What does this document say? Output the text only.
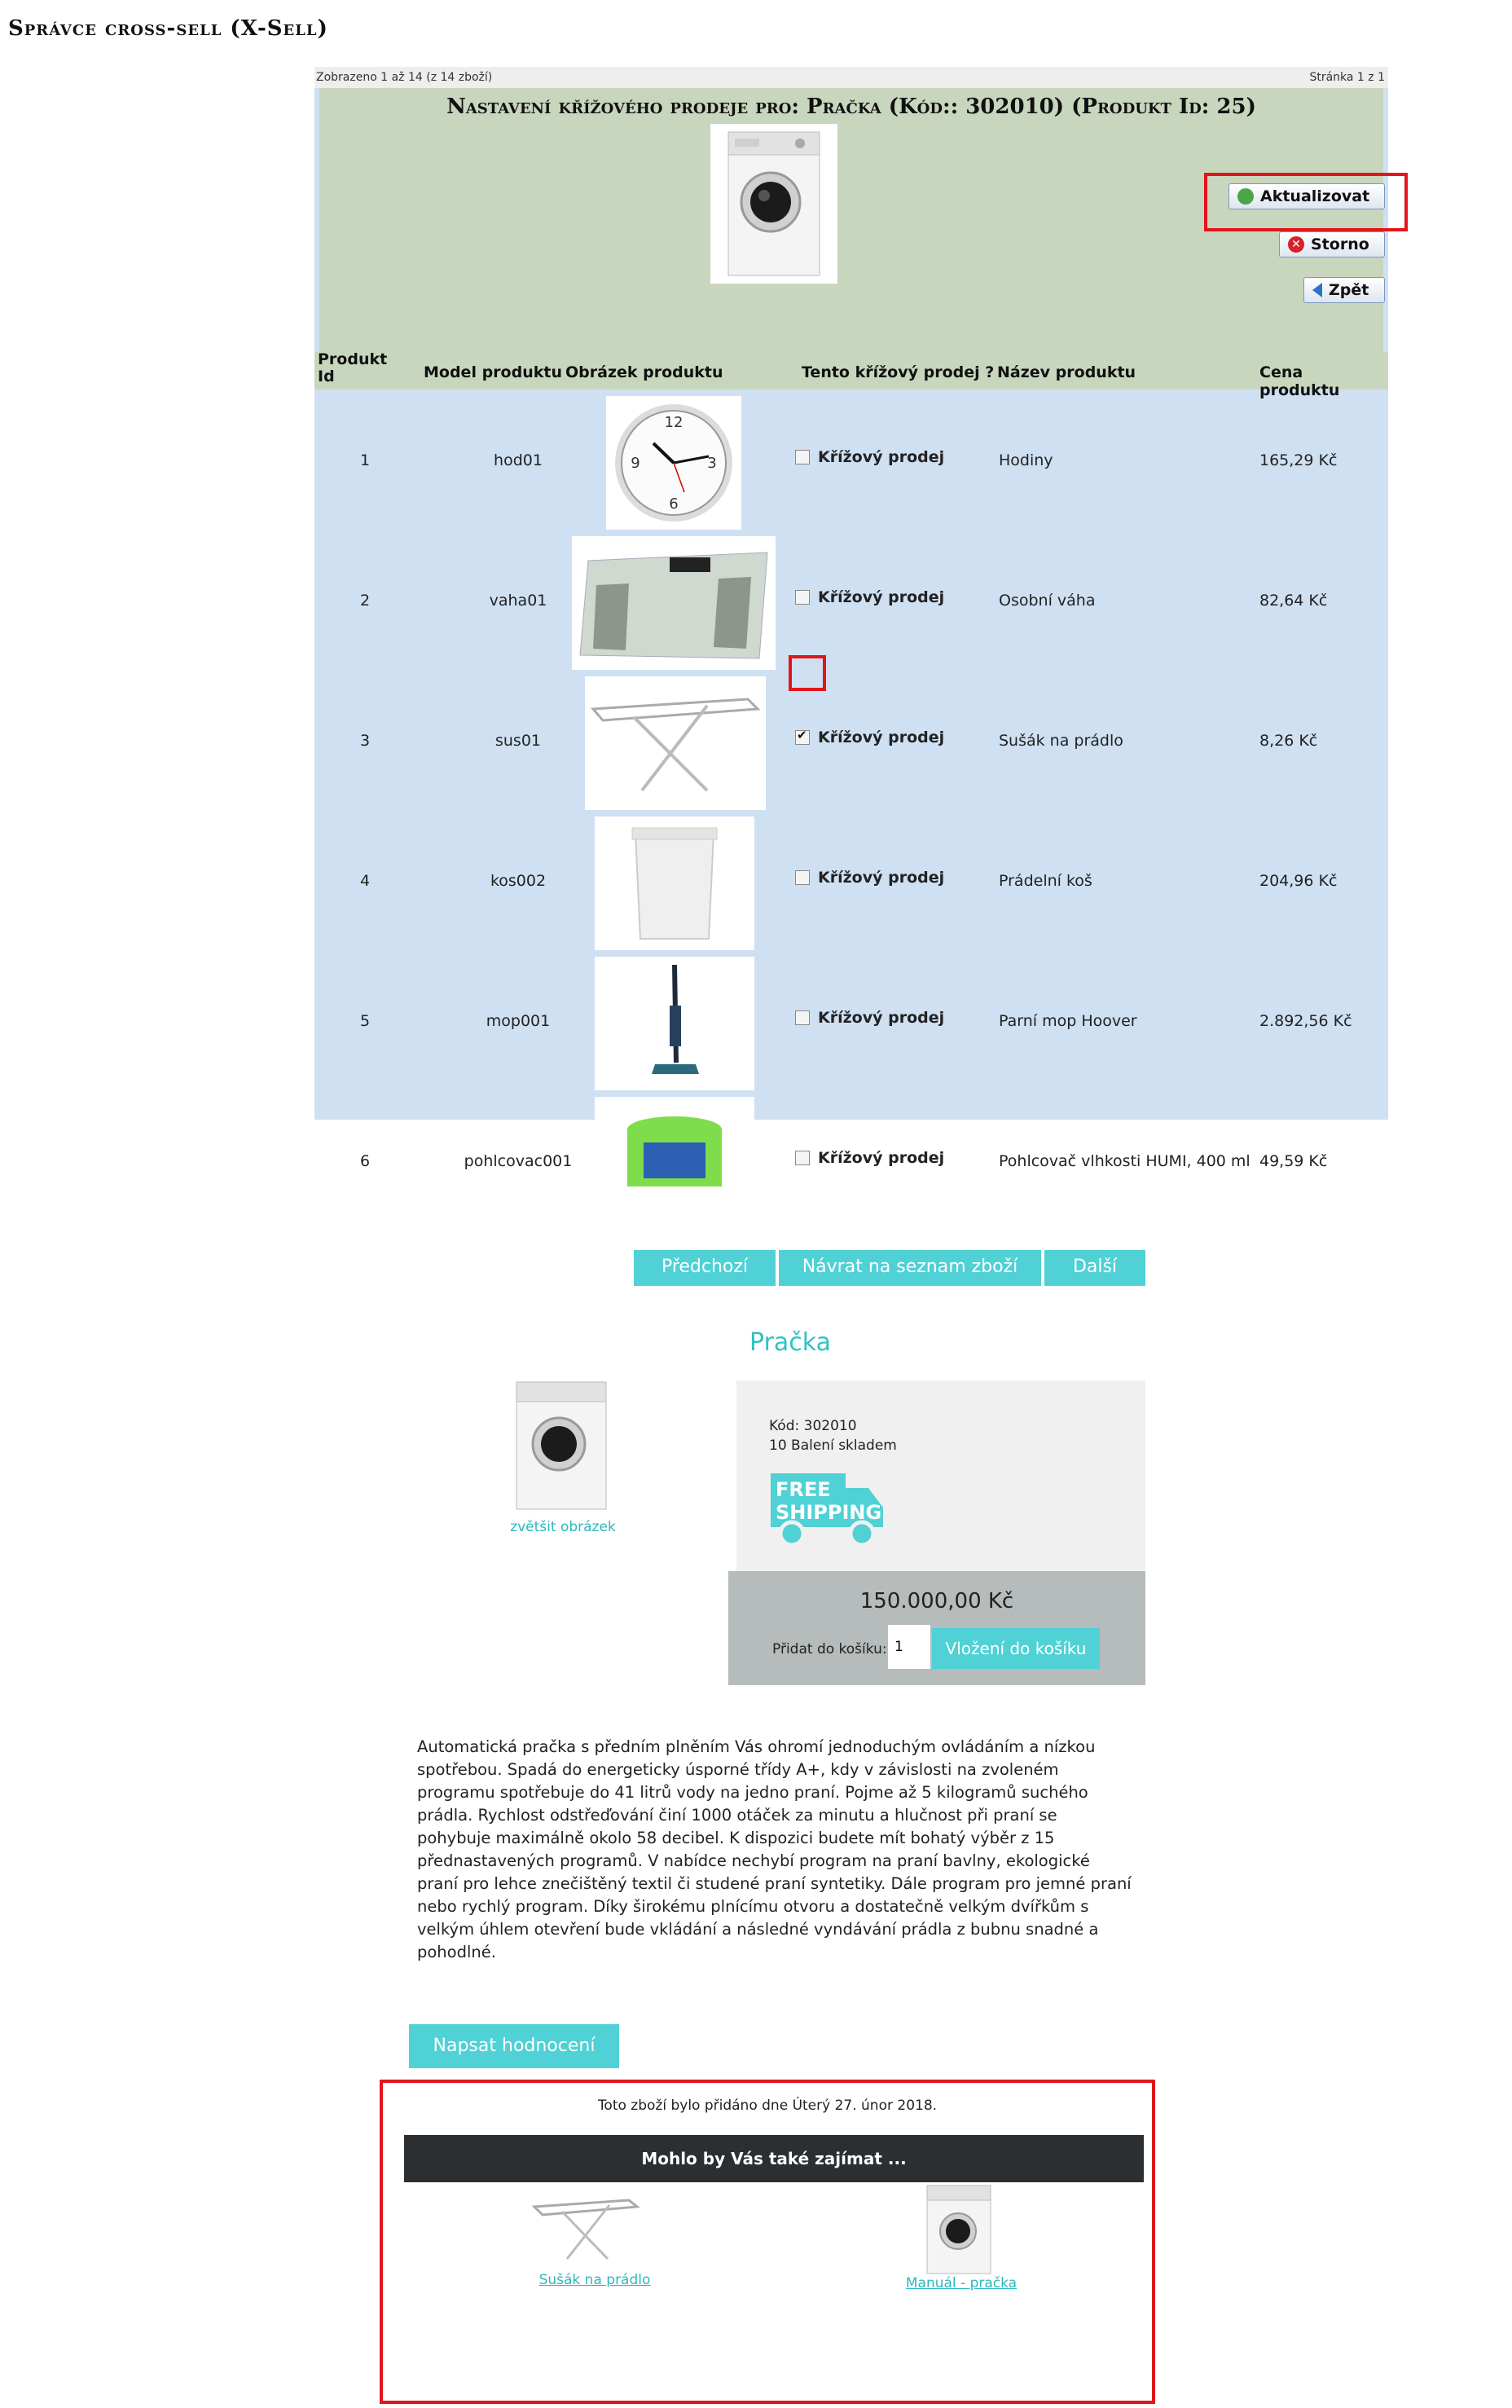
Správce cross-sell (X-Sell)
Zobrazeno 1 až 14 (z 14 zboží)	Stránka 1 z 1
Nastavení křížového prodeje pro: Pračka (Kód:: 302010) (Produkt Id: 25)
Aktualizovat
✕ Storno
Zpět
Produkt Id	Model produktu Obrázek produktu	Tento křížový prodej ? Název produktu	Cena produktu
1	hod01
12
3
6
9	Křížový prodej	Hodiny	165,29 Kč
2	vaha01	Křížový prodej	Osobní váha	82,64 Kč
3	sus01
✔	Křížový prodej	Sušák na prádlo	8,26 Kč
4	kos002	Křížový prodej	Prádelní koš	204,96 Kč
5	mop001	Křížový prodej	Parní mop Hoover	2.892,56 Kč
6	pohlcovac001	Křížový prodej	Pohlcovač vlhkosti HUMI, 400 ml 49,59 Kč
Předchozí	Návrat na seznam zboží	Další
Pračka
zvětšit obrázek
Kód: 302010
10 Balení skladem
FREE
SHIPPING
150.000,00 Kč
Přidat do košíku:
1	Vložení do košíku
Automatická pračka s předním plněním Vás ohromí jednoduchým ovládáním a nízkou spotřebou. Spadá do energeticky úsporné třídy A+, kdy v závislosti na zvoleném programu spotřebuje do 41 litrů vody na jedno praní. Pojme až 5 kilogramů suchého prádla. Rychlost odstřeďování činí 1000 otáček za minutu a hlučnost při praní se pohybuje maximálně okolo 58 decibel. K dispozici budete mít bohatý výběr z 15 přednastavených programů. V nabídce nechybí program na praní bavlny, ekologické praní pro lehce znečištěný textil či studené praní syntetiky. Dále program pro jemné praní nebo rychlý program. Díky širokému plnícímu otvoru a dostatečně velkým dvířkům s velkým úhlem otevření bude vkládání a následné vyndávání prádla z bubnu snadné a pohodlné.
Napsat hodnocení
Toto zboží bylo přidáno dne Úterý 27. únor 2018.
Mohlo by Vás také zajímat ...
Sušák na prádlo	Manuál - pračka
